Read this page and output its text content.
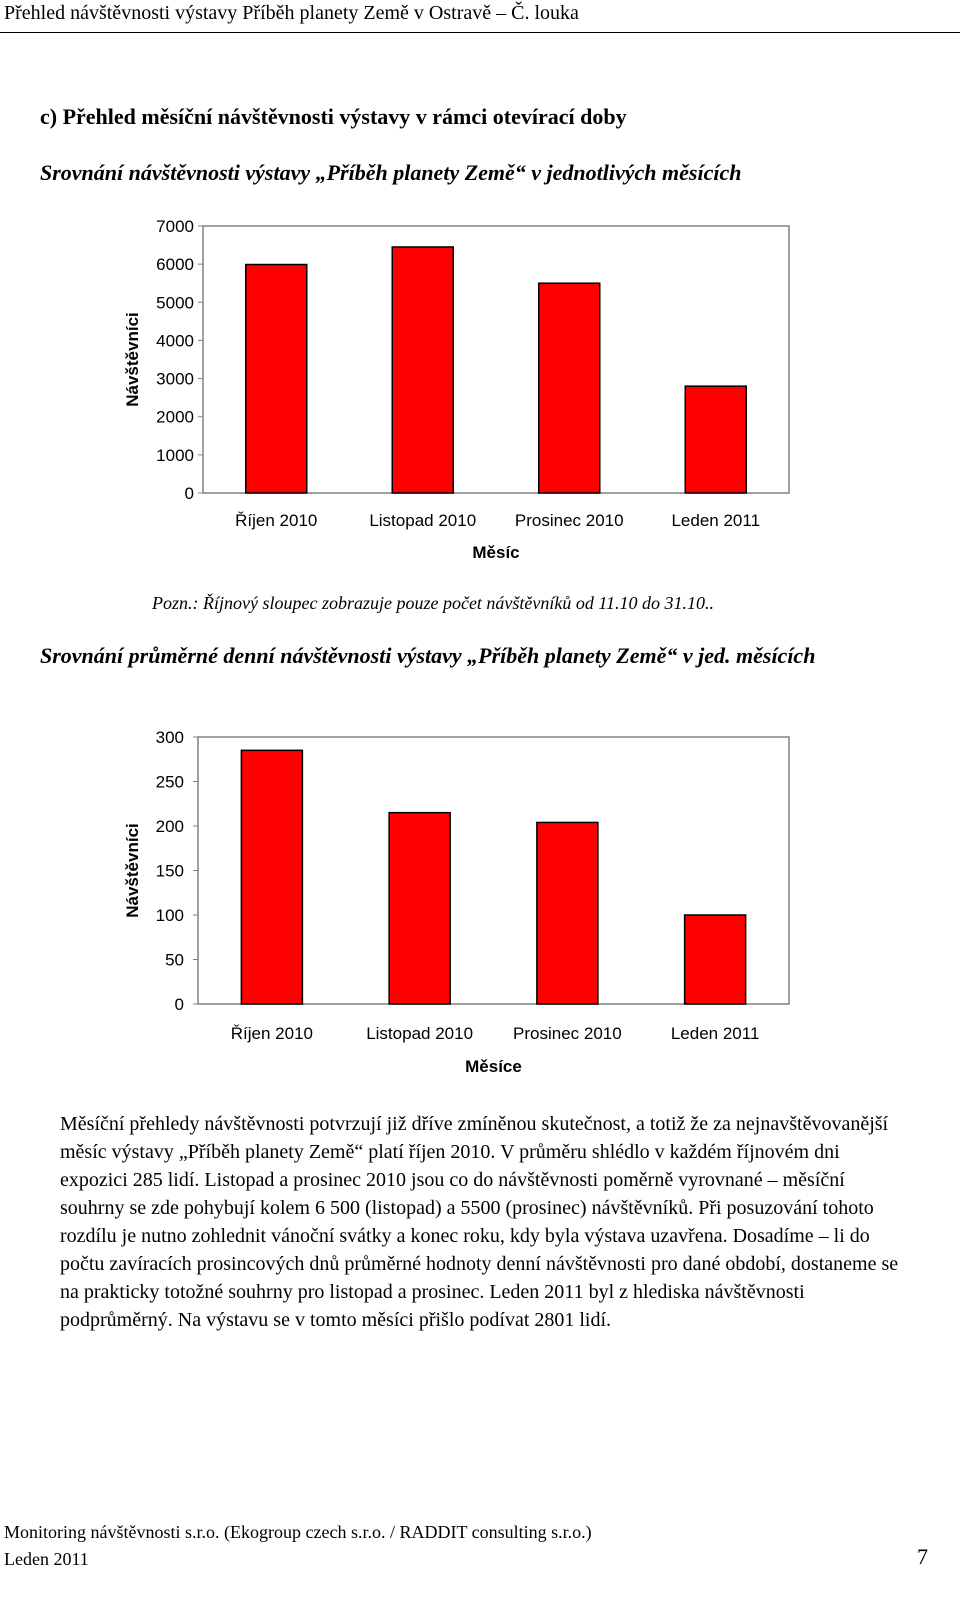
Přehled návštěvnosti výstavy Příběh planety Země v Ostravě – Č. louka
c) Přehled měsíční návštěvnosti výstavy v rámci otevírací doby
Srovnání návštěvnosti výstavy „Příběh planety Země“ v jednotlivých měsících
0
1000
2000
3000
4000
5000
6000
7000
Říjen 2010	Listopad 2010 Prosinec 2010	Leden 2011
Měsíc
Návštěvníci
Pozn.: Říjnový sloupec zobrazuje pouze počet návštěvníků od 11.10 do 31.10..
Srovnání průměrné denní návštěvnosti výstavy „Příběh planety Země“ v jed. měsících
0
50
100
150
200
250
300
Říjen 2010	Listopad 2010 Prosinec 2010	Leden 2011
Měsíce
Návštěvníci
Měsíční přehledy návštěvnosti potvrzují již dříve zmíněnou skutečnost, a totiž že za nejnavštěvovanější měsíc výstavy „Příběh planety Země“ platí říjen 2010. V průměru shlédlo v každém říjnovém dni expozici 285 lidí. Listopad a prosinec 2010 jsou co do návštěvnosti poměrně vyrovnané – měsíční souhrny se zde pohybují kolem 6 500 (listopad) a 5500 (prosinec) návštěvníků. Při posuzování tohoto rozdílu je nutno zohlednit vánoční svátky a konec roku, kdy byla výstava uzavřena. Dosadíme – li do počtu zavíracích prosincových dnů průměrné hodnoty denní návštěvnosti pro dané období, dostaneme se na prakticky totožné souhrny pro listopad a prosinec. Leden 2011 byl z hlediska návštěvnosti podprůměrný. Na výstavu se v tomto měsíci přišlo podívat 2801 lidí.
Monitoring návštěvnosti s.r.o. (Ekogroup czech s.r.o. / RADDIT consulting s.r.o.)
Leden 2011	7
